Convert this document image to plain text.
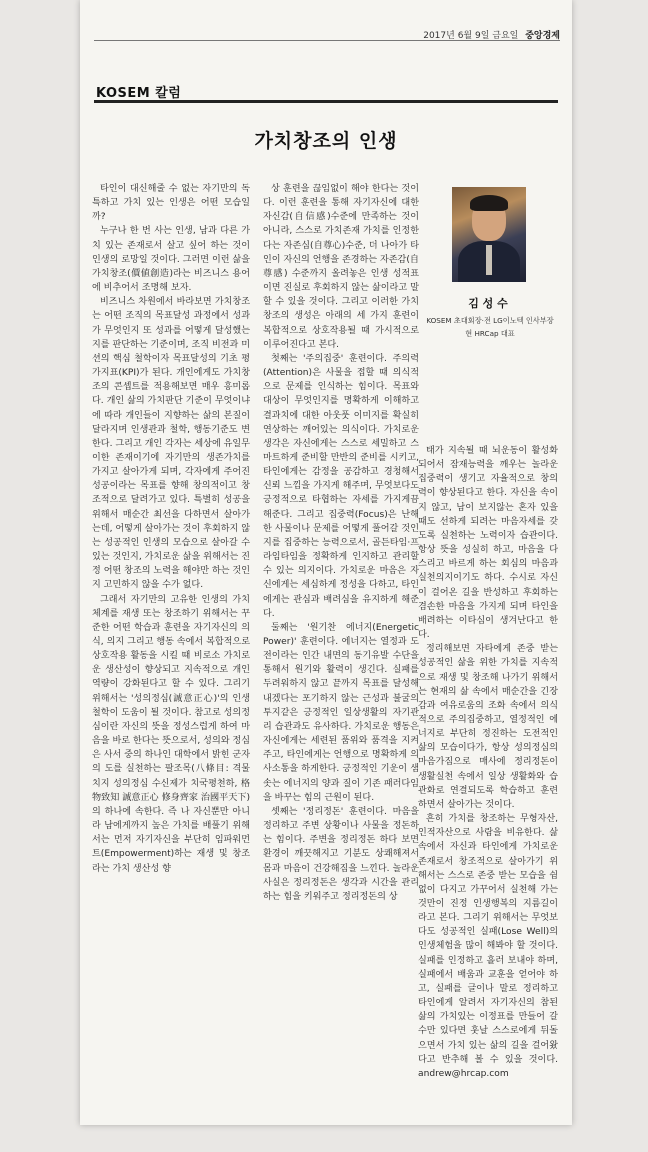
2017년 6월 9일 금요일 중앙경제
KOSEM 칼럼
가치창조의 인생

타인이 대신해줄 수 없는 자기만의 독특하고 가치 있는 인생은 어떤 모습일까?

누구나 한 번 사는 인생, 남과 다른 가치 있는 존재로서 살고 싶어 하는 것이 인생의 로망일 것이다. 그러면 이런 삶을 가치창조(價値創造)라는 비즈니스 용어에 비추어서 조명해 보자.

비즈니스 차원에서 바라보면 가치창조는 어떤 조직의 목표달성 과정에서 성과가 무엇인지 또 성과를 어떻게 달성했는지를 판단하는 기준이며, 조직 비전과 미션의 핵심 철학이자 목표달성의 기초 평가지표(KPI)가 된다. 개인에게도 가치창조의 콘셉트를 적용해보면 매우 흥미롭다. 개인 삶의 가치판단 기준이 무엇이냐에 따라 개인들이 지향하는 삶의 본질이 달라지며 인생관과 철학, 행동기준도 변한다. 그리고 개인 각자는 세상에 유일무이한 존재이기에 자기만의 생존가치를 가지고 살아가게 되며, 각자에게 주어진 성공이라는 목표를 향해 창의적이고 창조적으로 달려가고 있다. 특별히 성공을 위해서 매순간 최선을 다하면서 살아가는데, 어떻게 살아가는 것이 후회하지 않는 성공적인 인생의 모습으로 살아갈 수 있는 것인지, 가치로운 삶을 위해서는 진정 어떤 창조의 노력을 해야만 하는 것인지 고민하지 않을 수가 없다.

그래서 자기만의 고유한 인생의 가치체계를 재생 또는 창조하기 위해서는 꾸준한 어떤 학습과 훈련을 자기자신의 의식, 의지 그리고 행동 속에서 복합적으로 상호작용 활동을 시킬 때 비로소 가치로운 생산성이 향상되고 지속적으로 개인역량이 강화된다고 할 수 있다. 그리기 위해서는 '성의정심(誠意正心)'의 인생철학이 도움이 될 것이다. 참고로 성의정심이란 자신의 뜻을 정성스럽게 하여 마음을 바로 한다는 뜻으로서, 성의와 정심은 사서 중의 하나인 대학에서 밝힌 군자의 도를 실천하는 팔조목(八條目: 격물치지 성의정심 수신제가 치국평천하, 格物致知 誠意正心 修身齊家 治國平天下)의 하나에 속한다. 즉 나 자신뿐만 아니라 남에게까지 높은 가치를 배풀기 위해서는 먼저 자기자신을 부단히 임파워먼트(Empowerment)하는 재생 및 창조라는 가치 생산성 향

상 훈련을 끊임없이 해야 한다는 것이다. 이런 훈련을 통해 자기자신에 대한 자신감(自信感)수준에 만족하는 것이 아니라, 스스로 가치존재 가치를 인정한다는 자존심(自尊心)수준, 더 나아가 타인이 자신의 언행을 존경하는 자존감(自尊感) 수준까지 올려놓은 인생 성적표이면 진실로 후회하지 않는 삶이라고 말할 수 있을 것이다. 그리고 이러한 가치창조의 생성은 아래의 세 가지 훈련이 복합적으로 상호작용될 때 가시적으로 이루어진다고 본다.

첫째는 '주의집중' 훈련이다. 주의력(Attention)은 사물을 접할 때 의식적으로 문제를 인식하는 힘이다. 목표와 대상이 무엇인지를 명확하게 이해하고 결과치에 대한 아웃풋 이미지를 확실히 연상하는 깨어있는 의식이다. 가치로운 생각은 자신에게는 스스로 세밀하고 스마트하게 준비할 만반의 준비를 시키고, 타인에게는 감정을 공감하고 경청해서 신뢰 느낌을 가지게 해주며, 무엇보다도 긍정적으로 타협하는 자세를 가지게끔 해준다. 그리고 집중력(Focus)은 난해한 사물이나 문제를 어떻게 풀어갈 것인지를 집중하는 능력으로서, 골든타임·프라임타임을 정확하게 인지하고 관리할 수 있는 의지이다. 가치로운 마음은 자신에게는 세심하게 정성을 다하고, 타인에게는 관심과 배려심을 유지하게 해준다.

둘째는 '원기찬 에너지(Energetic Power)' 훈련이다. 에너지는 열정과 도전이라는 인간 내면의 동기유발 수단을 통해서 원기와 활력이 생긴다. 실패를 두려워하지 않고 끝까지 목표를 달성해 내겠다는 포기하지 않는 근성과 불굴의 투지같은 긍정적인 일상생활의 자기관리 습관과도 유사하다. 가치로운 행동은 자신에게는 세련된 품위와 품격을 지켜주고, 타인에게는 언행으로 명확하게 의사소통을 하게한다. 긍정적인 기운이 샘솟는 에너지의 양과 질이 기존 패러다임을 바꾸는 힘의 근원이 된다.

셋째는 '정리정돈' 훈련이다. 마음을 정리하고 주변 상황이나 사물을 정돈하는 힘이다. 주변을 정리정돈 하다 보면 환경이 깨끗해지고 기분도 상쾌해져서 몸과 마음이 건강해짐을 느낀다. 놀라운 사실은 정리정돈은 생각과 시간을 관리하는 힘을 키워주고 정리정돈의 상

김 성 수
KOSEM 초대회장·전 LG이노텍 인사부장
현 HRCap 대표

태가 지속될 때 뇌운동이 활성화되어서 잠재능력을 깨우는 놀라운 집중력이 생기고 자율적으로 창의력이 향상된다고 한다. 자신을 속이지 않고, 남이 보지않는 혼자 있을 때도 선하게 되려는 마음자세를 갖도록 실천하는 노력이자 습관이다. 항상 뜻을 성실히 하고, 마음을 다스리고 바르게 하는 회심의 마음과 실천의지이기도 하다. 수시로 자신이 걸어온 길을 반성하고 후회하는 겸손한 마음을 가지게 되며 타인을 배려하는 이타심이 생겨난다고 한다.

정리해보면 자타에게 존중 받는 성공적인 삶을 위한 가치를 지속적으로 재생 및 창조해 나가기 위해서는 현재의 삶 속에서 매순간을 긴장감과 여유로움의 조화 속에서 의식적으로 주의집중하고, 열정적인 에너지로 부단히 정진하는 도전적인 삶의 모습이다가, 항상 성의정심의 마음가짐으로 매사에 정리정돈이 생활실천 속에서 일상 생활화와 습관화로 연결되도록 학습하고 훈련하면서 살아가는 것이다.

흔히 가치를 창조하는 무형자산, 인적자산으로 사람을 비유한다. 삶 속에서 자신과 타인에게 가치로운 존재로서 창조적으로 살아가기 위해서는 스스로 존중 받는 모습을 쉼 없이 다지고 가꾸어서 실천해 가는 것만이 진정 인생행복의 지름길이라고 본다. 그리기 위해서는 무엇보다도 성공적인 실패(Lose Well)의 인생체험을 많이 해봐야 할 것이다. 실패를 인정하고 흘러 보내야 하며, 실패에서 배움과 교훈을 얻어야 하고, 실패를 글이나 말로 정리하고 타인에게 알려서 자기자신의 참된 삶의 가치있는 이정표를 만들어 갈 수만 있다면 훗날 스스로에게 뒤돌으면서 가치 있는 삶의 길을 걸어왔다고 반추해 볼 수 있을 것이다. andrew@hrcap.com
